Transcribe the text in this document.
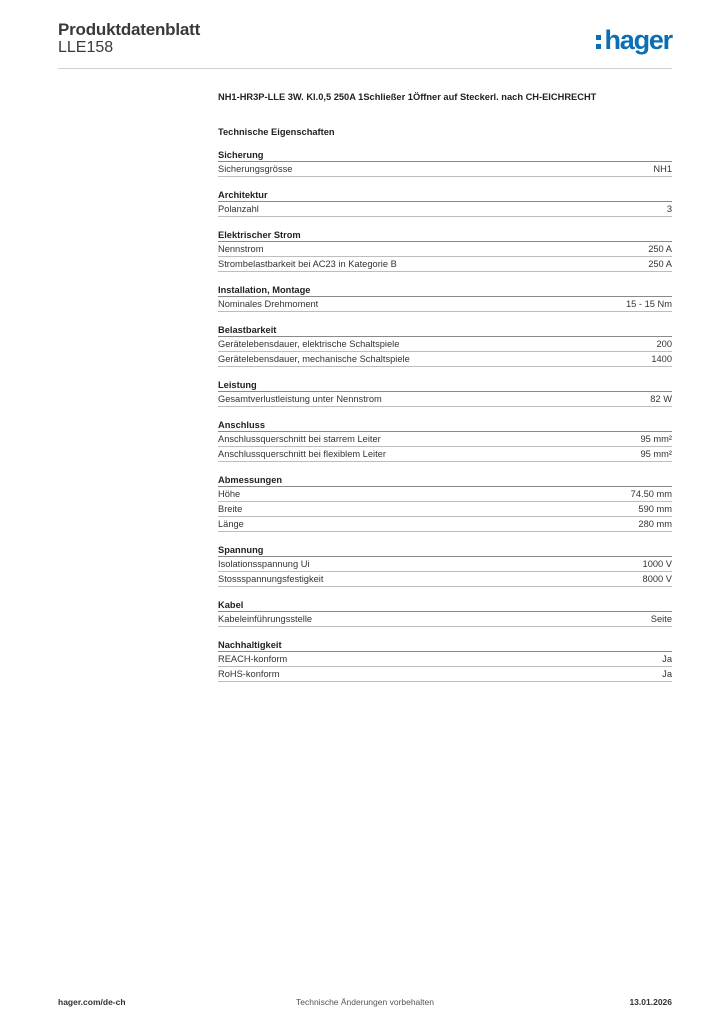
Produktdatenblatt
LLE158	hager
NH1-HR3P-LLE 3W. Kl.0,5 250A 1Schließer 1Öffner auf Steckerl. nach CH-EICHRECHT
Technische Eigenschaften
Sicherung
Sicherungsgrösse	NH1
Architektur
Polanzahl	3
Elektrischer Strom
Nennstrom	250 A
Strombelastbarkeit bei AC23 in Kategorie B	250 A
Installation, Montage
Nominales Drehmoment	15 - 15 Nm
Belastbarkeit
Gerätelebensdauer, elektrische Schaltspiele	200
Gerätelebensdauer, mechanische Schaltspiele	1400
Leistung
Gesamtverlustleistung unter Nennstrom	82 W
Anschluss
Anschlussquerschnitt bei starrem Leiter	95 mm²
Anschlussquerschnitt bei flexiblem Leiter	95 mm²
Abmessungen
Höhe	74.50 mm
Breite	590 mm
Länge	280 mm
Spannung
Isolationsspannung Ui	1000 V
Stossspannungsfestigkeit	8000 V
Kabel
Kabeleinführungsstelle	Seite
Nachhaltigkeit
REACH-konform	Ja
RoHS-konform	Ja
hager.com/de-ch	Technische Änderungen vorbehalten	13.01.2026
